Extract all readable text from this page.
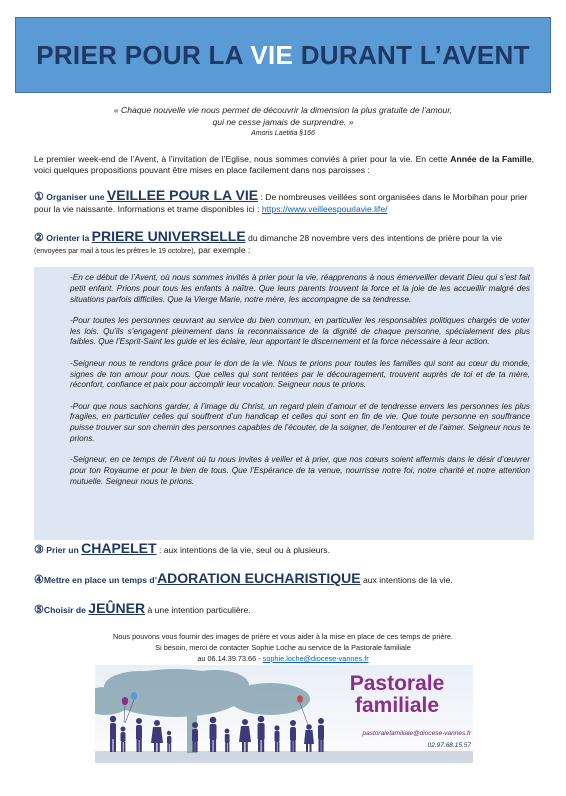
PRIER POUR LA VIE DURANT L’AVENT
« Chaque nouvelle vie nous permet de découvrir la dimension la plus gratuite de l’amour,
qui ne cesse jamais de surprendre. »
Amoris Laetitia §166

Le premier week-end de l’Avent, à l’invitation de l’Eglise, nous sommes conviés à prier pour la vie. En cette Année de la Famille, voici quelques propositions pouvant être mises en place facilement dans nos paroisses :

① Organiser une VEILLEE POUR LA VIE : De nombreuses veillées sont organisées dans le Morbihan pour prier pour la vie naissante. Informations et trame disponibles ici : https://www.veilleespourlavie.life/
② Orienter la PRIERE UNIVERSELLE du dimanche 28 novembre vers des intentions de prière pour la vie (envoyées par mail à tous les prêtres le 19 octobre), par exemple :

-En ce début de l’Avent, où nous sommes invités à prier pour la vie, réapprenons à nous émerveiller devant Dieu qui s’est fait petit enfant. Prions pour tous les enfants à naître. Que leurs parents trouvent la force et la joie de les accueillir malgré des situations parfois difficiles. Que la Vierge Marie, notre mère, les accompagne de sa tendresse.

-Pour toutes les personnes œuvrant au service du bien commun, en particulier les responsables politiques chargés de voter les lois. Qu’ils s’engagent pleinement dans la reconnaissance de la dignité de chaque personne, spécialement des plus faibles. Que l’Esprit-Saint les guide et les éclaire, leur apportant le discernement et la force nécessaire à leur action.

-Seigneur nous te rendons grâce pour le don de la vie. Nous te prions pour toutes les familles qui sont au cœur du monde, signes de ton amour pour nous. Que celles qui sont tentées par le découragement, trouvent auprès de toi et de ta mère, réconfort, confiance et paix pour accomplir leur vocation. Seigneur nous te prions.

-Pour que nous sachions garder, à l’image du Christ, un regard plein d’amour et de tendresse envers les personnes les plus fragiles, en particulier celles qui souffrent d’un handicap et celles qui sont en fin de vie. Que toute personne en souffrance puisse trouver sur son chemin des personnes capables de l’écouter, de la soigner, de l’entourer et de l’aimer. Seigneur nous te prions.

-Seigneur, en ce temps de l’Avent où tu nous invites à veiller et à prier, que nos cœurs soient affermis dans le désir d’œuvrer pour ton Royaume et pour le bien de tous. Que l’Espérance de ta venue, nourrisse notre foi, notre charité et notre attention mutuelle. Seigneur nous te prions.

③ Prier un CHAPELET : aux intentions de la vie, seul ou à plusieurs.
④Mettre en place un temps d’ADORATION EUCHARISTIQUE aux intentions de la vie.
⑤Choisir de JEÛNER à une intention particulière.
Nous pouvons vous fournir des images de prière et vous aider à la mise en place de ces temps de prière.
Si besoin, merci de contacter Sophie Loche au service de la Pastorale familiale
au 06.14.39.73.66 - sophie.loche@diocese-vannes.fr
Pastorale
familiale
pastoralefamiliale@diocese-vannes.fr
02.97.68.15.57
